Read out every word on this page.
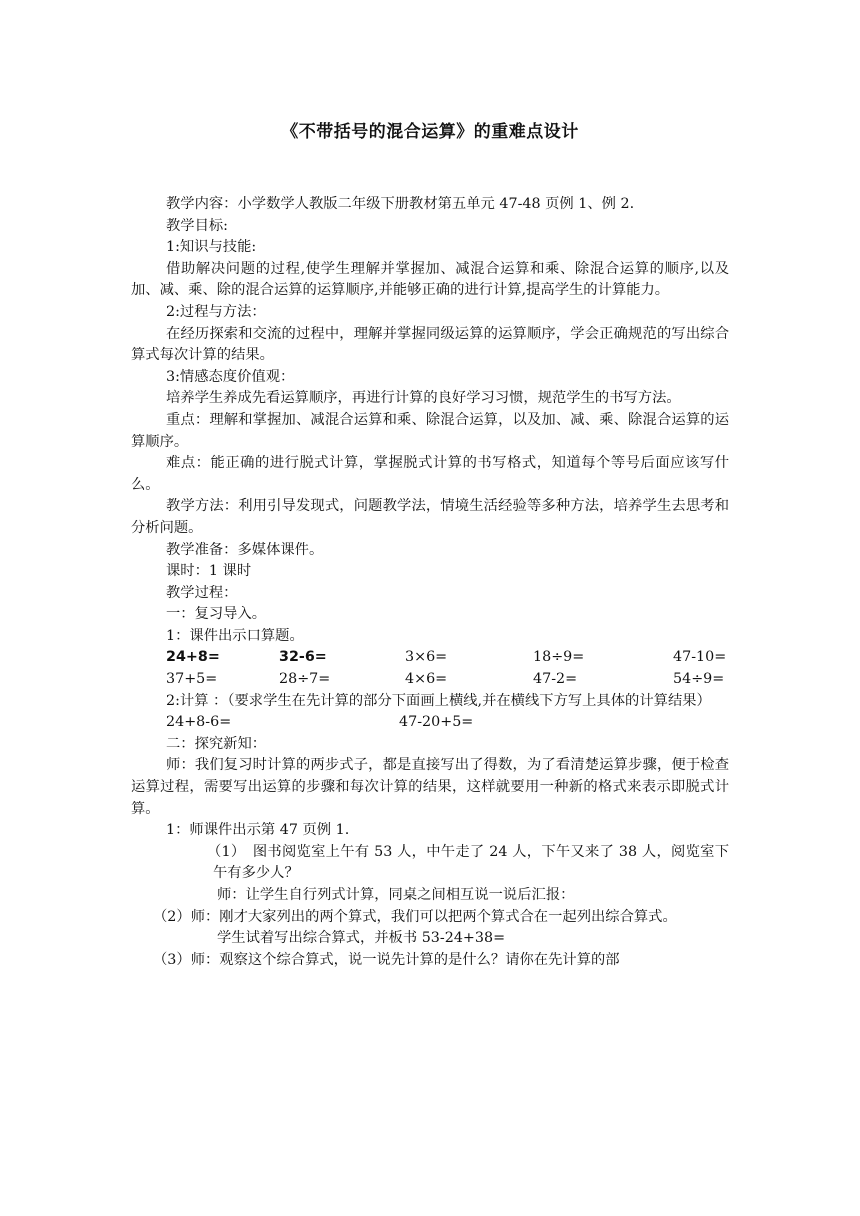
《不带括号的混合运算》的重难点设计

教学内容：小学数学人教版二年级下册教材第五单元 47-48 页例 1、例 2.

教学目标:

1:知识与技能:

借助解决问题的过程,使学生理解并掌握加、减混合运算和乘、除混合运算的顺序,以及加、减、乘、除的混合运算的运算顺序,并能够正确的进行计算,提高学生的计算能力。

2:过程与方法：

在经历探索和交流的过程中，理解并掌握同级运算的运算顺序，学会正确规范的写出综合算式每次计算的结果。

3:情感态度价值观：

培养学生养成先看运算顺序，再进行计算的良好学习习惯，规范学生的书写方法。

重点：理解和掌握加、减混合运算和乘、除混合运算，以及加、减、乘、除混合运算的运算顺序。

难点：能正确的进行脱式计算，掌握脱式计算的书写格式，知道每个等号后面应该写什么。

教学方法：利用引导发现式，问题教学法，情境生活经验等多种方法，培养学生去思考和分析问题。

教学准备：多媒体课件。

课时：1 课时

教学过程：

一：复习导入。

1：课件出示口算题。

24+8=	32-6=	3×6=	18÷9=	47-10=
37+5=	28÷7=	4×6=	47-2=	54÷9=

2:计算 ：（要求学生在先计算的部分下面画上横线,并在横线下方写上具体的计算结果）

24+8-6=	47-20+5=

二：探究新知：

师：我们复习时计算的两步式子，都是直接写出了得数，为了看清楚运算步骤，便于检查运算过程，需要写出运算的步骤和每次计算的结果，这样就要用一种新的格式来表示即脱式计算。

1：师课件出示第 47 页例 1.

（1）　图书阅览室上午有 53 人，中午走了 24 人，下午又来了 38 人，阅览室下午有多少人？

师：让学生自行列式计算，同桌之间相互说一说后汇报：

（2）师：刚才大家列出的两个算式，我们可以把两个算式合在一起列出综合算式。

学生试着写出综合算式，并板书 53-24+38=

（3）师：观察这个综合算式，说一说先计算的是什么？请你在先计算的部
